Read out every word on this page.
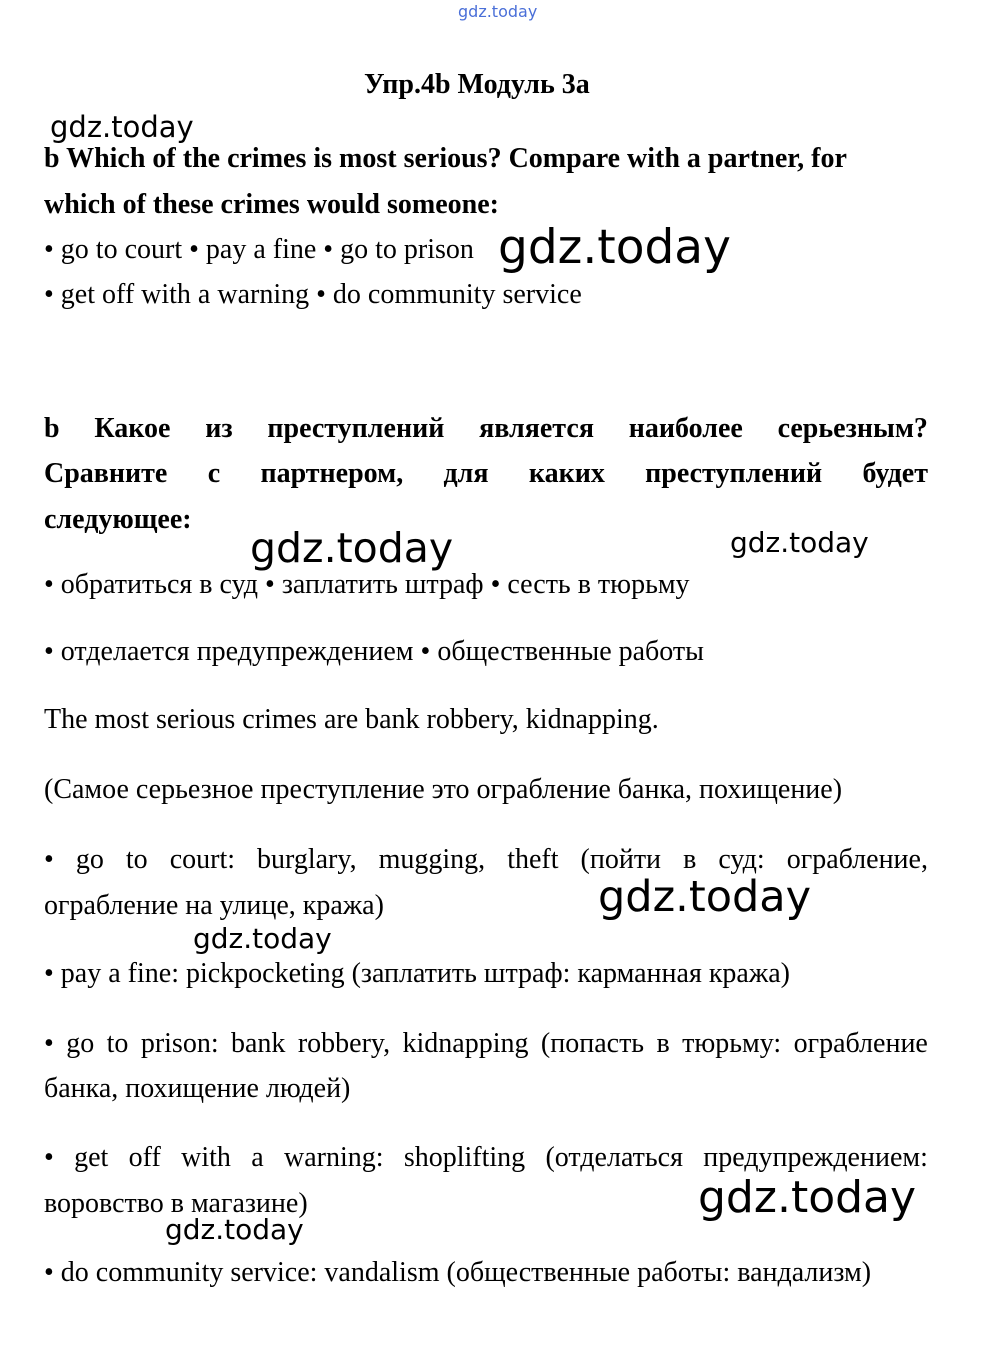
gdz.today
Упр.4b Модуль 3a
gdz.today
b Which of the crimes is most serious? Compare with a partner, for
which of these crimes would someone:
• go to court • pay a fine • go to prison gdz.today
• get off with a warning • do community service
b Какое из преступлений является наиболее серьезным?
Сравните с партнером, для каких преступлений будет
следующее:
gdz.today	gdz.today
• обратиться в суд • заплатить штраф • сесть в тюрьму
• отделается предупреждением • общественные работы
The most serious crimes are bank robbery, kidnapping.
(Самое серьезное преступление это ограбление банка, похищение)
• go to court: burglary, mugging, theft (пойти в суд: ограбление,
ограбление на улице, кража)	gdz.today
gdz.today
• pay a fine: pickpocketing (заплатить штраф: карманная кража)
• go to prison: bank robbery, kidnapping (попасть в тюрьму: ограбление
банка, похищение людей)
• get off with a warning: shoplifting (отделаться предупреждением:
воровство в магазине)	gdz.today
gdz.today
• do community service: vandalism (общественные работы: вандализм)
